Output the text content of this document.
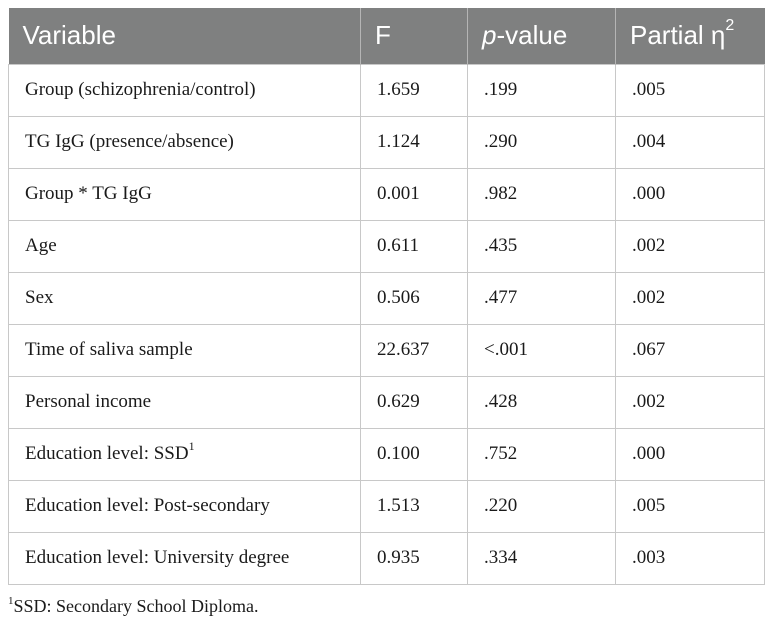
Variable	F	p-value	Partial $\eta^2$
Group (schizophrenia/control)	1.659	.199	.005
TG IgG (presence/absence)	1.124	.290	.004
Group * TG IgG	0.001	.982	.000
Age	0.611	.435	.002
Sex	0.506	.477	.002
Time of saliva sample	22.637	<.001	.067
Personal income	0.629	.428	.002
Education level: SSD$^1$	0.100	.752	.000
Education level: Post-secondary	1.513	.220	.005
Education level: University degree	0.935	.334	.003
$^1$SSD: Secondary School Diploma.
